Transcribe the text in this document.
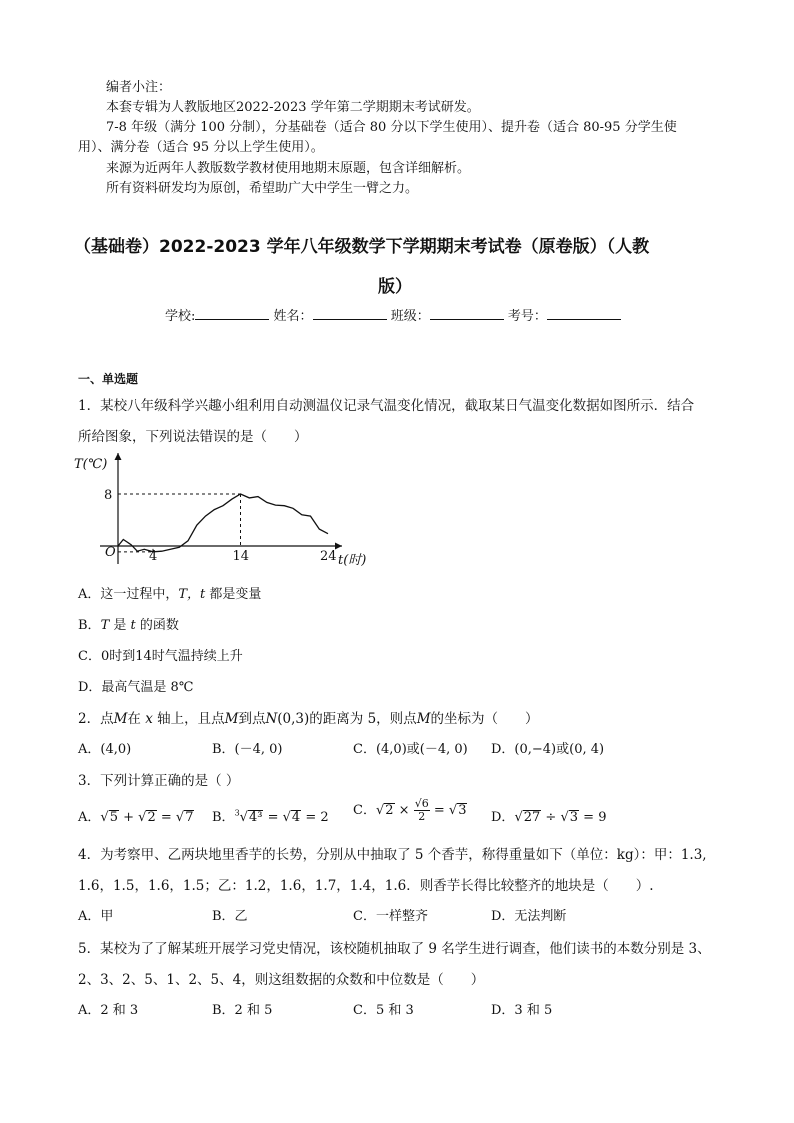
编者小注：
本套专辑为人教版地区2022-2023 学年第二学期期末考试研发。
7-8 年级（满分 100 分制），分基础卷（适合 80 分以下学生使用）、提升卷（适合 80-95 分学生使
用）、满分卷（适合 95 分以上学生使用）。
来源为近两年人教版数学教材使用地期末原题，包含详细解析。
所有资料研发均为原创，希望助广大中学生一臂之力。
（基础卷）2022-2023 学年八年级数学下学期期末考试卷（原卷版）（人教
版）
学校:	姓名：	班级：	考号：
一、单选题
1．某校八年级科学兴趣小组利用自动测温仪记录气温变化情况，截取某日气温变化数据如图所示．结合
所给图象，下列说法错误的是（　　）
T(℃)
8
O	4	14	24 t(时)
A．这一过程中，T，t 都是变量
B．T 是 t 的函数
C．0时到14时气温持续上升
D．最高气温是 8℃
2．点M在 x 轴上，且点M到点N(0,3)的距离为 5，则点M的坐标为（　　）
A．(4,0)	B．(－4, 0)	C．(4,0)或(－4, 0) D．(0,−4)或(0, 4)
3．下列计算正确的是（ ）
A．√5 + √2 = √7 B．$^3$√4³ = √4 = 2 C．$√2 \times \frac{√6}{2} = √3$ D．√27 ÷ √3 = 9
4．为考察甲、乙两块地里香芋的长势，分别从中抽取了 5 个香芋，称得重量如下（单位：kg）：甲：1.3,
1.6，1.5，1.6，1.5；乙：1.2，1.6，1.7，1.4，1.6．则香芋长得比较整齐的地块是（　　）.
A．甲	B．乙	C．一样整齐	D．无法判断
5．某校为了了解某班开展学习党史情况，该校随机抽取了 9 名学生进行调查，他们读书的本数分别是 3、
2、3、2、5、1、2、5、4，则这组数据的众数和中位数是（　　）
A．2 和 3	B．2 和 5	C．5 和 3	D．3 和 5
